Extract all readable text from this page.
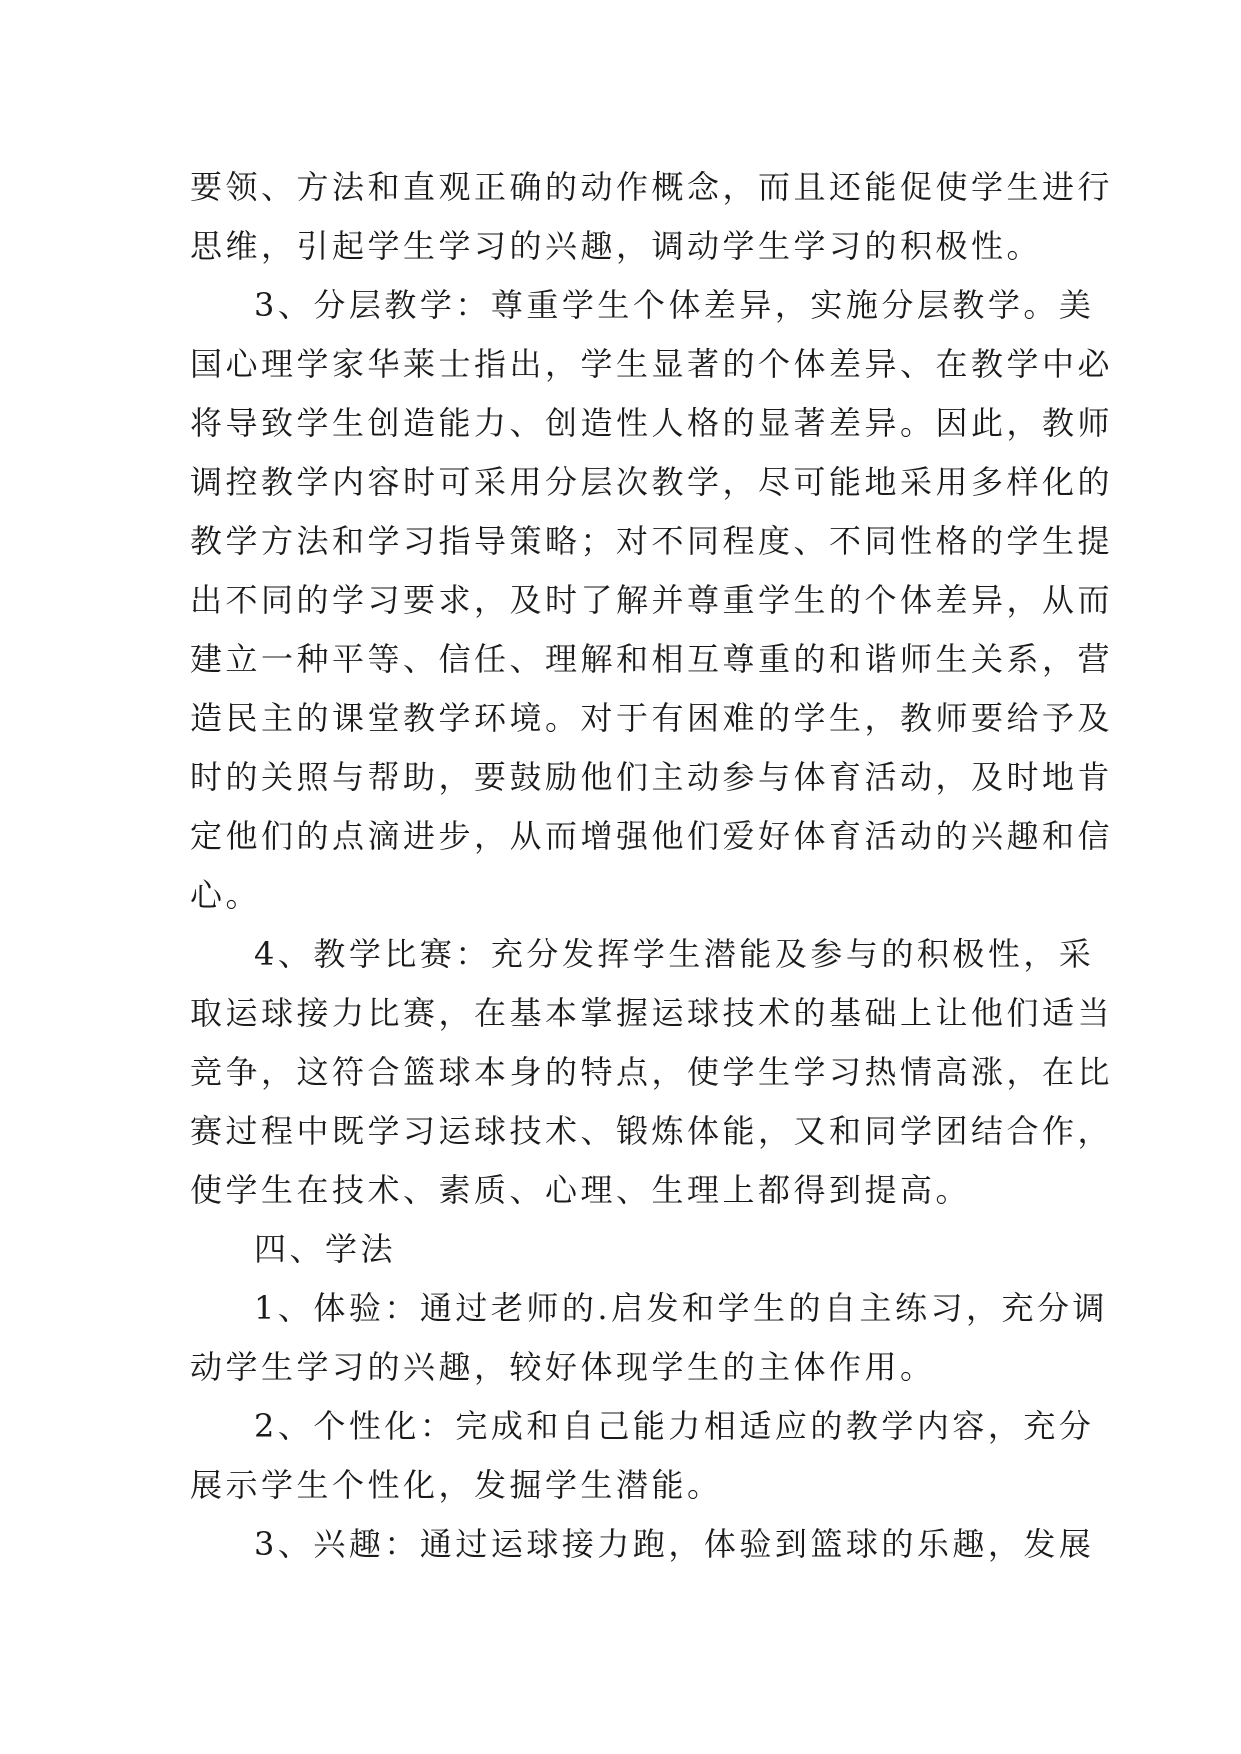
要领、方法和直观正确的动作概念，而且还能促使学生进行
思维，引起学生学习的兴趣，调动学生学习的积极性。
3、分层教学：尊重学生个体差异，实施分层教学。美
国心理学家华莱士指出，学生显著的个体差异、在教学中必
将导致学生创造能力、创造性人格的显著差异。因此，教师
调控教学内容时可采用分层次教学，尽可能地采用多样化的
教学方法和学习指导策略；对不同程度、不同性格的学生提
出不同的学习要求，及时了解并尊重学生的个体差异，从而
建立一种平等、信任、理解和相互尊重的和谐师生关系，营
造民主的课堂教学环境。对于有困难的学生，教师要给予及
时的关照与帮助，要鼓励他们主动参与体育活动，及时地肯
定他们的点滴进步，从而增强他们爱好体育活动的兴趣和信
心。
4、教学比赛：充分发挥学生潜能及参与的积极性，采
取运球接力比赛，在基本掌握运球技术的基础上让他们适当
竞争，这符合篮球本身的特点，使学生学习热情高涨，在比
赛过程中既学习运球技术、锻炼体能，又和同学团结合作，
使学生在技术、素质、心理、生理上都得到提高。
四、学法
1、体验：通过老师的.启发和学生的自主练习，充分调
动学生学习的兴趣，较好体现学生的主体作用。
2、个性化：完成和自己能力相适应的教学内容，充分
展示学生个性化，发掘学生潜能。
3、兴趣：通过运球接力跑，体验到篮球的乐趣，发展
